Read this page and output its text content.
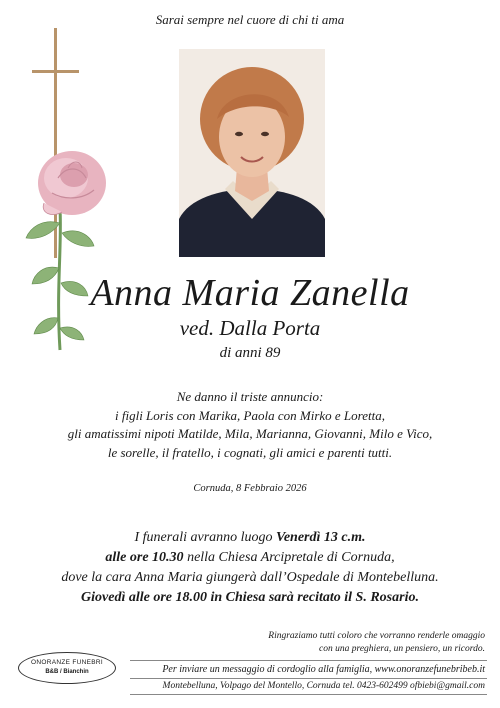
Sarai sempre nel cuore di chi ti ama
Anna Maria Zanella
ved. Dalla Porta
di anni 89
Ne danno il triste annuncio:
i figli Loris con Marika, Paola con Mirko e Loretta,
gli amatissimi nipoti Matilde, Mila, Marianna, Giovanni, Milo e Vico,
le sorelle, il fratello, i cognati, gli amici e parenti tutti.
Cornuda, 8 Febbraio 2026
I funerali avranno luogo Venerdì 13 c.m.
alle ore 10.30 nella Chiesa Arcipretale di Cornuda,
dove la cara Anna Maria giungerà dall’Ospedale di Montebelluna.
Giovedì alle ore 18.00 in Chiesa sarà recitato il S. Rosario.
Ringraziamo tutti coloro che vorranno renderle omaggio
con una preghiera, un pensiero, un ricordo.
ONORANZE FUNEBRI
B&B / Bianchin	Per inviare un messaggio di cordoglio alla famiglia, www.onoranzefunebribeb.it
Montebelluna, Volpago del Montello, Cornuda tel. 0423-602499 ofbiebi@gmail.com
